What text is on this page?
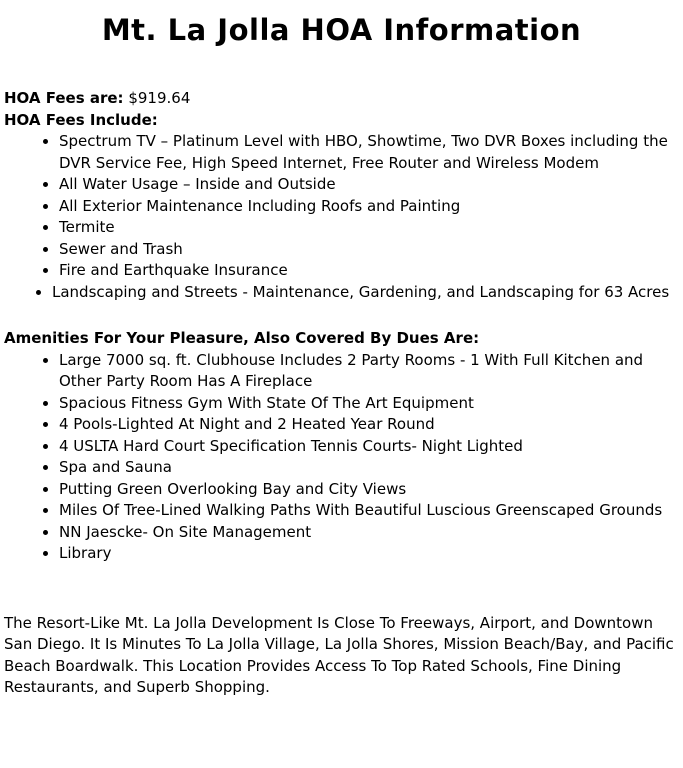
Mt. La Jolla HOA Information

HOA Fees are: $919.64

HOA Fees Include:

• Spectrum TV – Platinum Level with HBO, Showtime, Two DVR Boxes including the DVR Service Fee, High Speed Internet, Free Router and Wireless Modem
• All Water Usage – Inside and Outside
• All Exterior Maintenance Including Roofs and Painting
• Termite
• Sewer and Trash
• Fire and Earthquake Insurance
• Landscaping and Streets - Maintenance, Gardening, and Landscaping for 63 Acres

Amenities For Your Pleasure, Also Covered By Dues Are:

• Large 7000 sq. ft. Clubhouse Includes 2 Party Rooms - 1 With Full Kitchen and Other Party Room Has A Fireplace
• Spacious Fitness Gym With State Of The Art Equipment
• 4 Pools-Lighted At Night and 2 Heated Year Round
• 4 USLTA Hard Court Specification Tennis Courts- Night Lighted
• Spa and Sauna
• Putting Green Overlooking Bay and City Views
• Miles Of Tree-Lined Walking Paths With Beautiful Luscious Greenscaped Grounds
• NN Jaescke- On Site Management
• Library

The Resort-Like Mt. La Jolla Development Is Close To Freeways, Airport, and Downtown San Diego. It Is Minutes To La Jolla Village, La Jolla Shores, Mission Beach/Bay, and Pacific Beach Boardwalk. This Location Provides Access To Top Rated Schools, Fine Dining Restaurants, and Superb Shopping.
